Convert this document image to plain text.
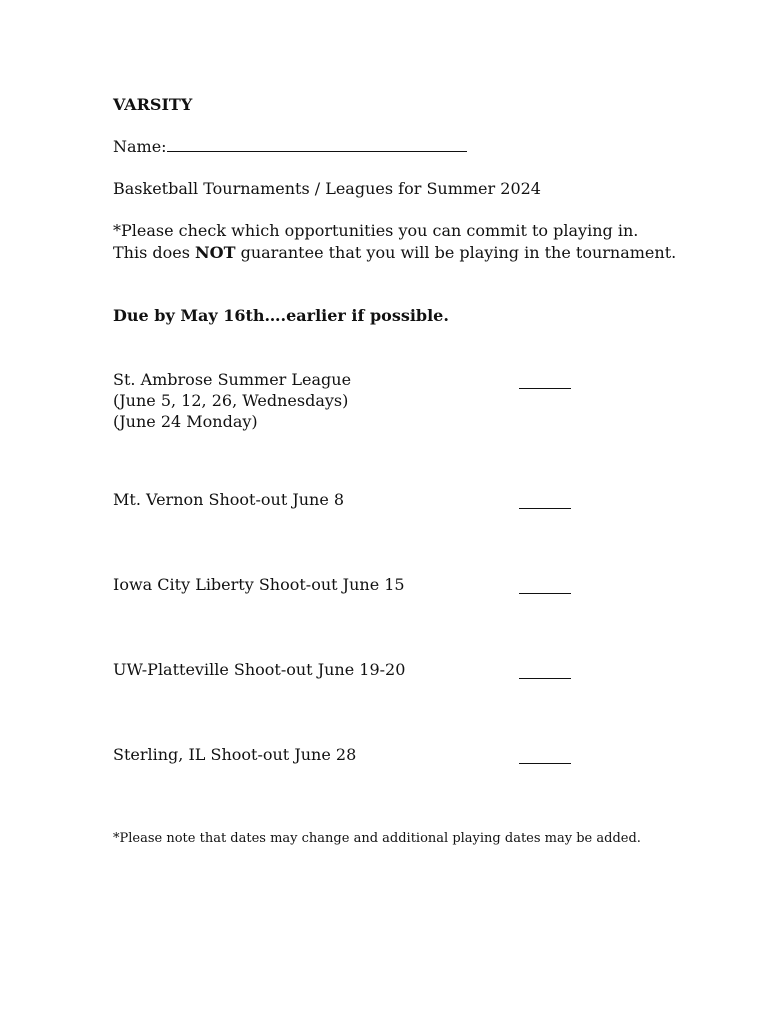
VARSITY
Name:
Basketball Tournaments / Leagues for Summer 2024
*Please check which opportunities you can commit to playing in.
This does NOT guarantee that you will be playing in the tournament.
Due by May 16th….earlier if possible.
St. Ambrose Summer League
(June 5, 12, 26, Wednesdays)
(June 24 Monday)
Mt. Vernon Shoot-out June 8
Iowa City Liberty Shoot-out June 15
UW-Platteville Shoot-out June 19-20
Sterling, IL Shoot-out June 28
*Please note that dates may change and additional playing dates may be added.
